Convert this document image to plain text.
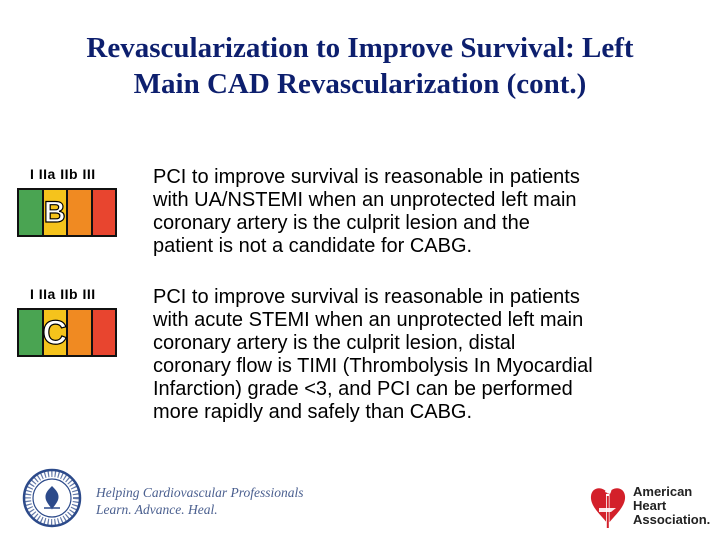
Revascularization to Improve Survival: Left
Main CAD Revascularization (cont.)
I IIa IIb III
B
PCI to improve survival is reasonable in patients
with UA/NSTEMI when an unprotected left main
coronary artery is the culprit lesion and the
patient is not a candidate for CABG.
I IIa IIb III
C
PCI to improve survival is reasonable in patients
with acute STEMI when an unprotected left main
coronary artery is the culprit lesion, distal
coronary flow is TIMI (Thrombolysis In Myocardial
Infarction) grade <3, and PCI can be performed
more rapidly and safely than CABG.
Helping Cardiovascular Professionals
Learn. Advance. Heal.
American
Heart
Association.
